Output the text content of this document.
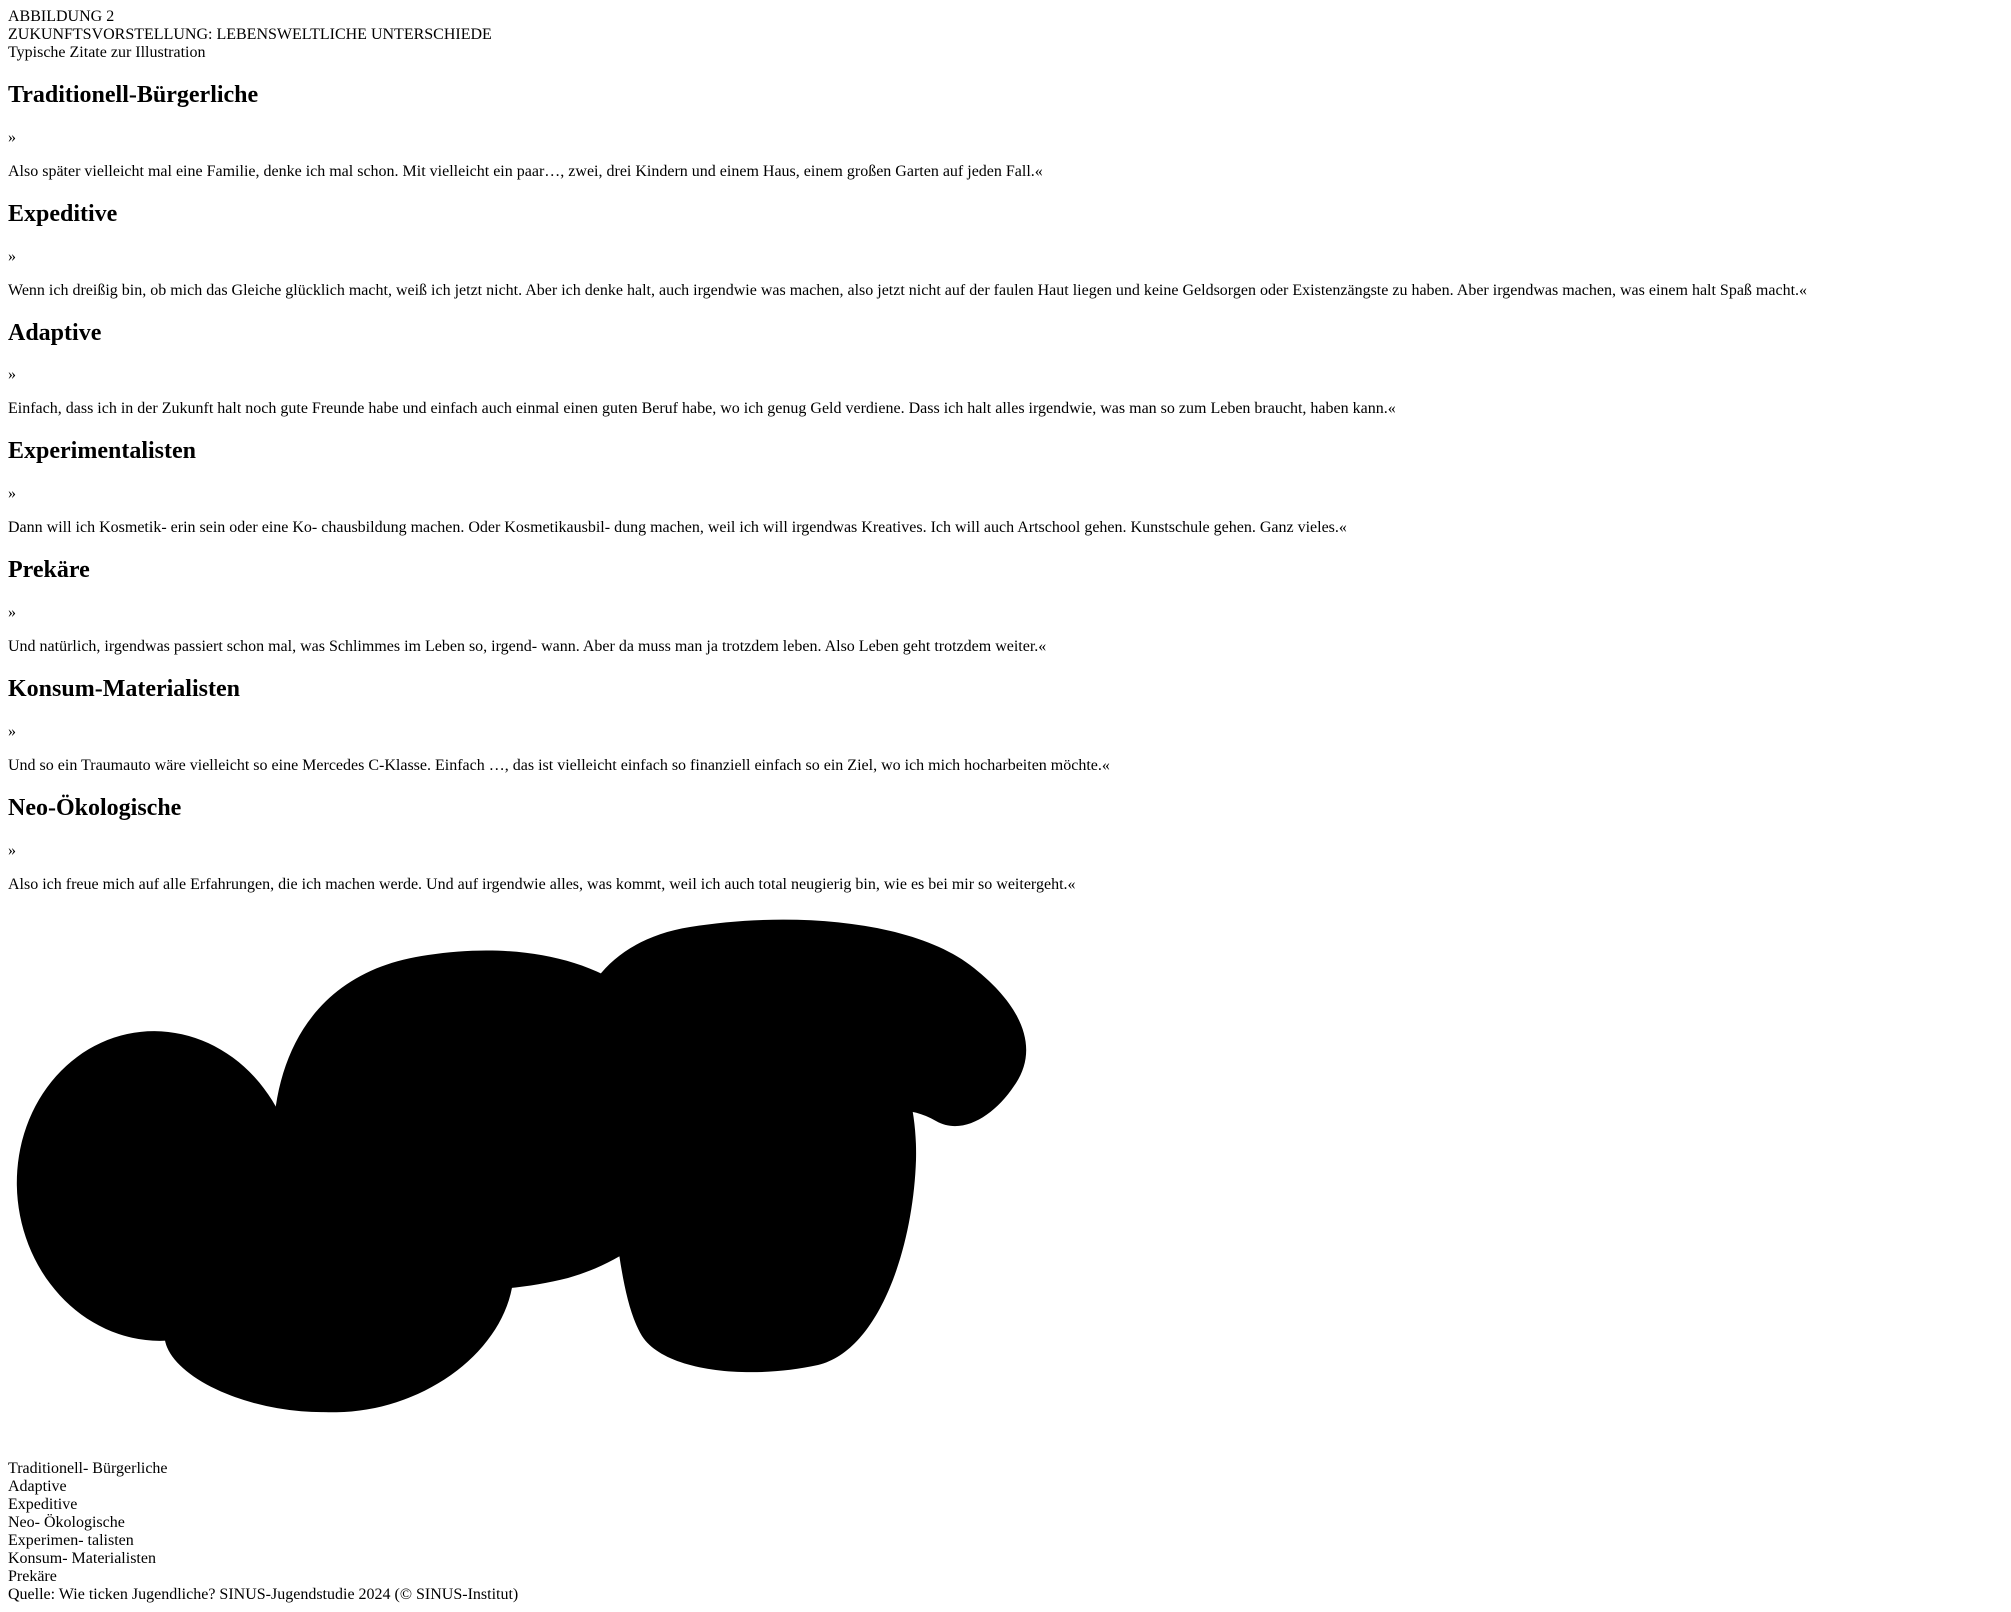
ABBILDUNG 2
ZUKUNFTSVORSTELLUNG: LEBENSWELTLICHE UNTERSCHIEDE
Typische Zitate zur Illustration
Traditionell-Bürgerliche
»

Also später vielleicht mal eine Familie, denke ich mal schon. Mit vielleicht ein paar…, zwei, drei Kindern und einem Haus, einem großen Garten auf jeden Fall.«

Expeditive
»

Wenn ich dreißig bin, ob mich das Gleiche glücklich macht, weiß ich jetzt nicht. Aber ich denke halt, auch irgendwie was machen, also jetzt nicht auf der faulen Haut liegen und keine Geldsorgen oder Existenzängste zu haben. Aber irgendwas machen, was einem halt Spaß macht.«

Adaptive
»

Einfach, dass ich in der Zukunft halt noch gute Freunde habe und einfach auch einmal einen guten Beruf habe, wo ich genug Geld verdiene. Dass ich halt alles irgendwie, was man so zum Leben braucht, haben kann.«

Experimentalisten
»

Dann will ich Kosmetik- erin sein oder eine Ko- chausbildung machen. Oder Kosmetikausbil- dung machen, weil ich will irgendwas Kreatives. Ich will auch Artschool gehen. Kunstschule gehen. Ganz vieles.«

Prekäre
»

Und natürlich, irgendwas passiert schon mal, was Schlimmes im Leben so, irgend- wann. Aber da muss man ja trotzdem leben. Also Leben geht trotzdem weiter.«

Konsum-Materialisten
»

Und so ein Traumauto wäre vielleicht so eine Mercedes C-Klasse. Einfach …, das ist vielleicht einfach so finanziell einfach so ein Ziel, wo ich mich hocharbeiten möchte.«

Neo-Ökologische
»

Also ich freue mich auf alle Erfahrungen, die ich machen werde. Und auf irgendwie alles, was kommt, weil ich auch total neugierig bin, wie es bei mir so weitergeht.«

Traditionell- Bürgerliche
Adaptive
Expeditive
Neo- Ökologische
Experimen- talisten
Konsum- Materialisten
Prekäre
Quelle: Wie ticken Jugendliche? SINUS-Jugendstudie 2024 (© SINUS-Institut)
